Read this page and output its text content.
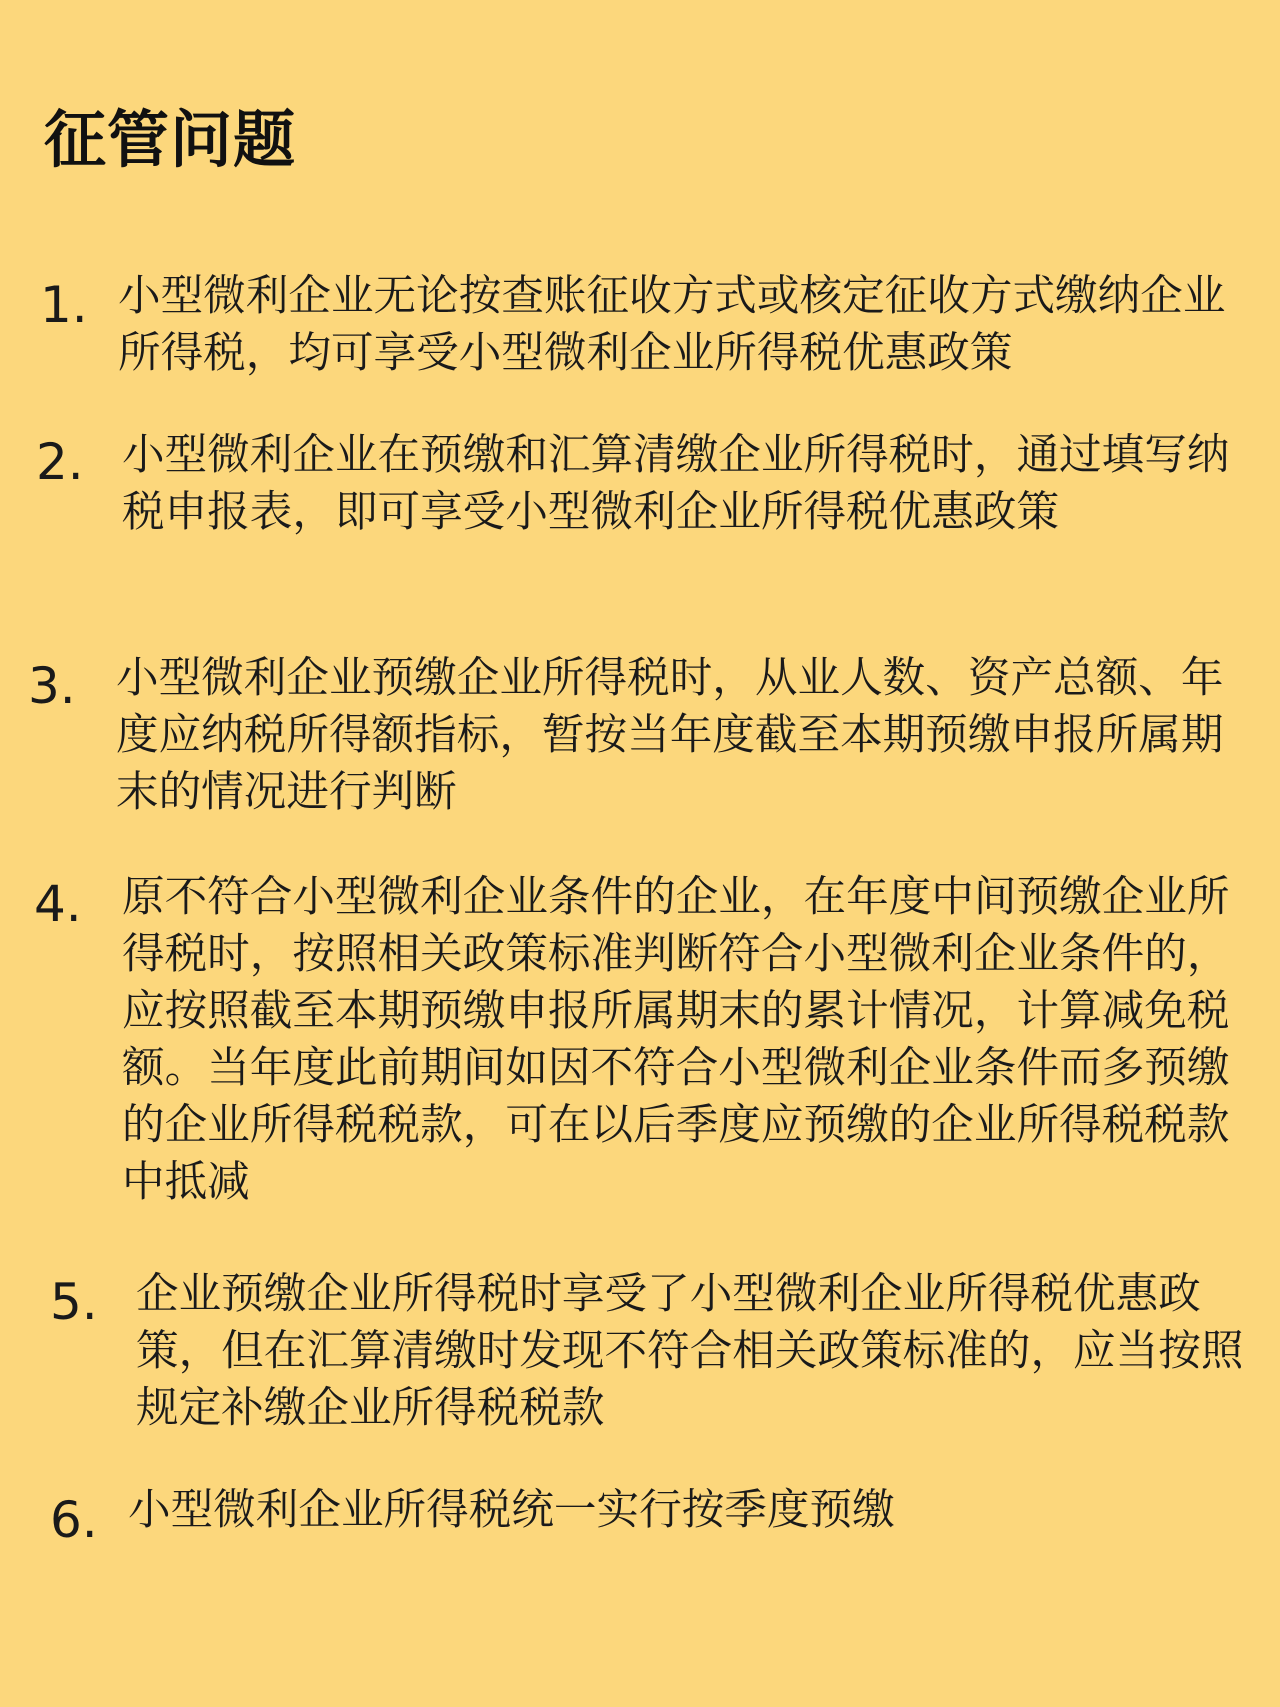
征管问题
1. 小型微利企业无论按查账征收方式或核定征收方式缴纳企业所得税，均可享受小型微利企业所得税优惠政策
2. 小型微利企业在预缴和汇算清缴企业所得税时，通过填写纳税申报表，即可享受小型微利企业所得税优惠政策
3. 小型微利企业预缴企业所得税时，从业人数、资产总额、年度应纳税所得额指标，暂按当年度截至本期预缴申报所属期末的情况进行判断
4. 原不符合小型微利企业条件的企业，在年度中间预缴企业所得税时，按照相关政策标准判断符合小型微利企业条件的，应按照截至本期预缴申报所属期末的累计情况，计算减免税额。当年度此前期间如因不符合小型微利企业条件而多预缴的企业所得税税款，可在以后季度应预缴的企业所得税税款中抵减
5. 企业预缴企业所得税时享受了小型微利企业所得税优惠政策，但在汇算清缴时发现不符合相关政策标准的，应当按照规定补缴企业所得税税款
6. 小型微利企业所得税统一实行按季度预缴
